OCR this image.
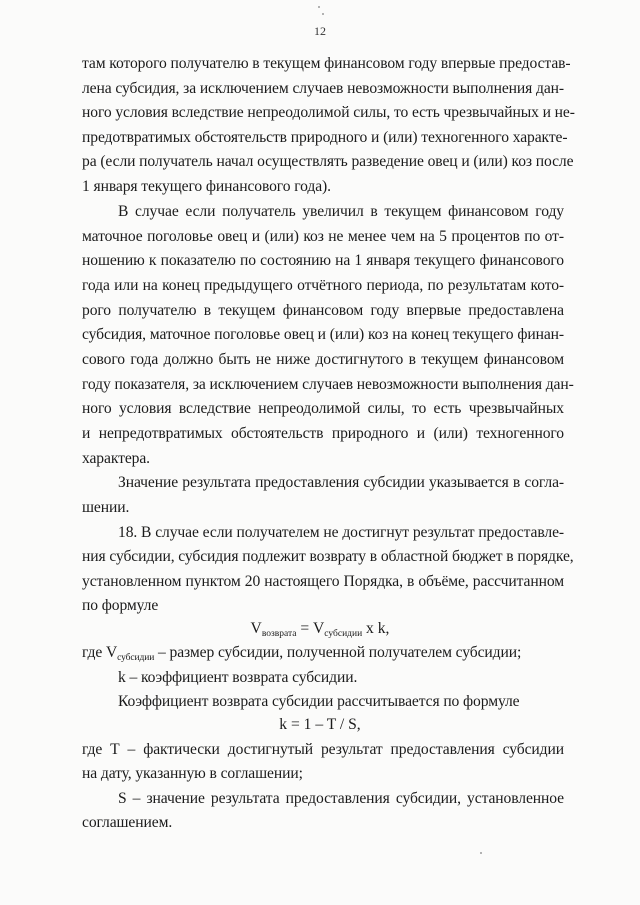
12
там которого получателю в текущем финансовом году впервые предостав-
лена субсидия, за исключением случаев невозможности выполнения дан-
ного условия вследствие непреодолимой силы, то есть чрезвычайных и не-
предотвратимых обстоятельств природного и (или) техногенного характе-
ра (если получатель начал осуществлять разведение овец и (или) коз после
1 января текущего финансового года).
В случае если получатель увеличил в текущем финансовом году
маточное поголовье овец и (или) коз не менее чем на 5 процентов по от-
ношению к показателю по состоянию на 1 января текущего финансового
года или на конец предыдущего отчётного периода, по результатам кото-
рого получателю в текущем финансовом году впервые предоставлена
субсидия, маточное поголовье овец и (или) коз на конец текущего финан-
сового года должно быть не ниже достигнутого в текущем финансовом
году показателя, за исключением случаев невозможности выполнения дан-
ного условия вследствие непреодолимой силы, то есть чрезвычайных
и непредотвратимых обстоятельств природного и (или) техногенного
характера.
Значение результата предоставления субсидии указывается в согла-
шении.
18. В случае если получателем не достигнут результат предоставле-
ния субсидии, субсидия подлежит возврату в областной бюджет в порядке,
установленном пунктом 20 настоящего Порядка, в объёме, рассчитанном
по формуле
$V_{возврата} = V_{субсидии}$ x k,
где $V_{субсидии}$ – размер субсидии, полученной получателем субсидии;
k – коэффициент возврата субсидии.
Коэффициент возврата субсидии рассчитывается по формуле
k = 1 – T / S,
где Т – фактически достигнутый результат предоставления субсидии
на дату, указанную в соглашении;
S – значение результата предоставления субсидии, установленное
соглашением.
